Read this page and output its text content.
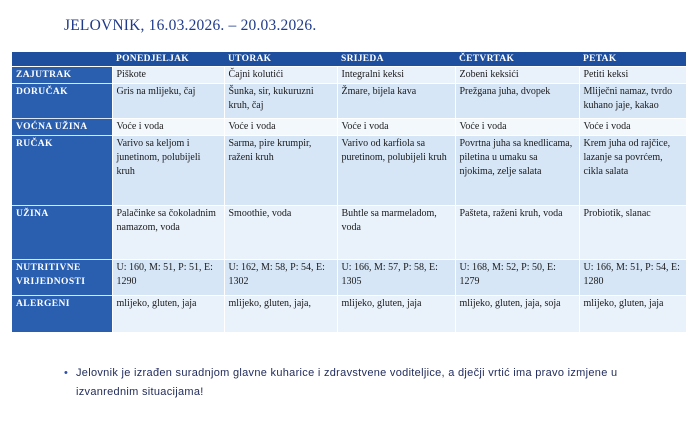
JELOVNIK, 16.03.2026. – 20.03.2026.
	PONEDJELJAK	UTORAK	SRIJEDA	ČETVRTAK	PETAK
ZAJUTRAK	Piškote	Čajni kolutići	Integralni keksi	Zobeni keksići	Petiti keksi
DORUČAK	Gris na mlijeku, čaj	Šunka, sir, kukuruzni kruh, čaj	Žmare, bijela kava	Prežgana juha, dvopek	Mliječni namaz, tvrdo kuhano jaje, kakao
VOĆNA UŽINA	Voće i voda	Voće i voda	Voće i voda	Voće i voda	Voće i voda
RUČAK	Varivo sa keljom i junetinom, polubijeli kruh	Sarma, pire krumpir, raženi kruh	Varivo od karfiola sa puretinom, polubijeli kruh	Povrtna juha sa knedlicama, piletina u umaku sa njokima, zelje salata	Krem juha od rajčice, lazanje sa povrćem, cikla salata
UŽINA	Palačinke sa čokoladnim namazom, voda	Smoothie, voda	Buhtle sa marmeladom, voda	Pašteta, raženi kruh, voda	Probiotik, slanac
NUTRITIVNE VRIJEDNOSTI	U: 160, M: 51, P: 51, E: 1290	U: 162, M: 58, P: 54, E: 1302	U: 166, M: 57, P: 58, E: 1305	U: 168, M: 52, P: 50, E: 1279	U: 166, M: 51, P: 54, E: 1280
ALERGENI	mlijeko, gluten, jaja	mlijeko, gluten, jaja,	mlijeko, gluten, jaja	mlijeko, gluten, jaja, soja	mlijeko, gluten, jaja
• Jelovnik je izrađen suradnjom glavne kuharice i zdravstvene voditeljice, a dječji vrtić ima pravo izmjene u izvanrednim situacijama!
